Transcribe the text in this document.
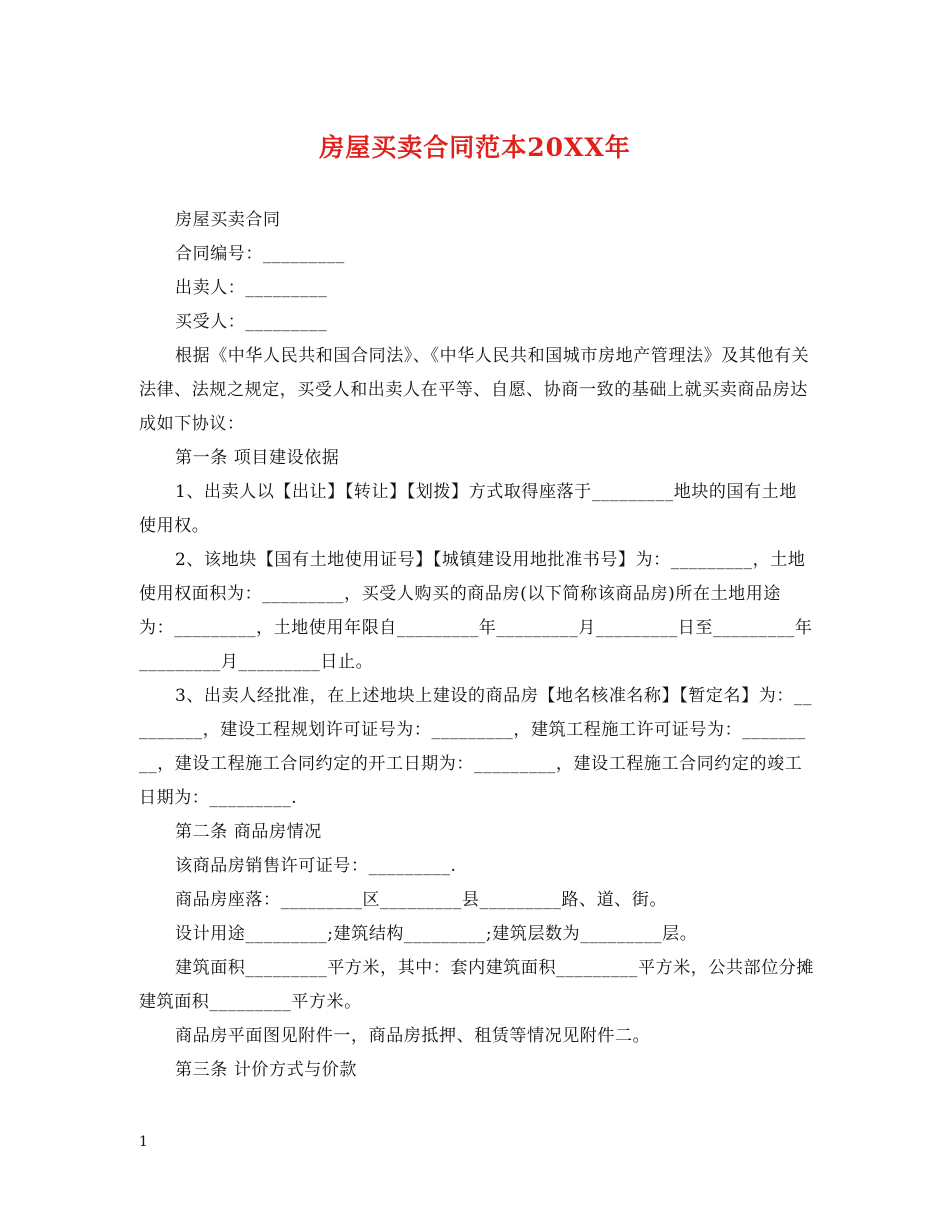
房屋买卖合同范本20XX年

房屋买卖合同

合同编号：_________

出卖人：_________

买受人：_________

根据《中华人民共和国合同法》、《中华人民共和国城市房地产管理法》及其他有关法律、法规之规定，买受人和出卖人在平等、自愿、协商一致的基础上就买卖商品房达成如下协议：

第一条 项目建设依据

1、出卖人以【出让】【转让】【划拨】方式取得座落于_________地块的国有土地使用权。

2、该地块【国有土地使用证号】【城镇建设用地批准书号】为：_________，土地使用权面积为：_________，买受人购买的商品房(以下简称该商品房)所在土地用途为：_________，土地使用年限自_________年_________月_________日至_________年 _________月_________日止。

3、出卖人经批准，在上述地块上建设的商品房【地名核准名称】【暂定名】为：_________，建设工程规划许可证号为：_________，建筑工程施工许可证号为：_________，建设工程施工合同约定的开工日期为：_________，建设工程施工合同约定的竣工日期为：_________.

第二条 商品房情况

该商品房销售许可证号：_________.

商品房座落：_________区_________县_________路、道、街。

设计用途_________;建筑结构_________;建筑层数为_________层。

建筑面积_________平方米，其中：套内建筑面积_________平方米，公共部位分摊建筑面积_________平方米。

商品房平面图见附件一，商品房抵押、租赁等情况见附件二。

第三条 计价方式与价款

1
